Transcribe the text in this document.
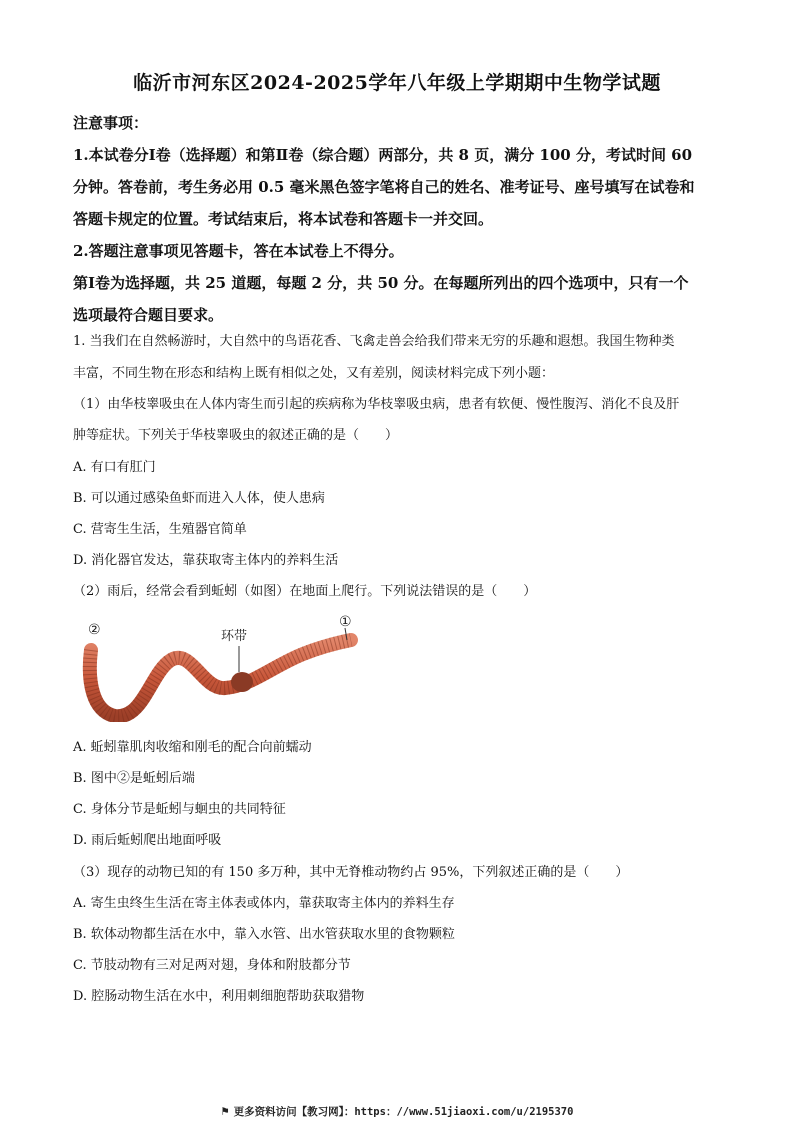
临沂市河东区2024-2025学年八年级上学期期中生物学试题
注意事项：
1.本试卷分Ⅰ卷（选择题）和第Ⅱ卷（综合题）两部分，共 8 页，满分 100 分，考试时间 60
分钟。答卷前，考生务必用 0.5 毫米黑色签字笔将自己的姓名、准考证号、座号填写在试卷和
答题卡规定的位置。考试结束后，将本试卷和答题卡一并交回。
2.答题注意事项见答题卡，答在本试卷上不得分。
第Ⅰ卷为选择题，共 25 道题，每题 2 分，共 50 分。在每题所列出的四个选项中，只有一个
选项最符合题目要求。
1. 当我们在自然畅游时，大自然中的鸟语花香、飞禽走兽会给我们带来无穷的乐趣和遐想。我国生物种类
丰富，不同生物在形态和结构上既有相似之处，又有差别，阅读材料完成下列小题：
（1）由华枝睾吸虫在人体内寄生而引起的疾病称为华枝睾吸虫病，患者有软便、慢性腹泻、消化不良及肝
肿等症状。下列关于华枝睾吸虫的叙述正确的是（　　）
A. 有口有肛门
B. 可以通过感染鱼虾而进入人体，使人患病
C. 营寄生生活，生殖器官简单
D. 消化器官发达，靠获取寄主体内的养料生活
（2）雨后，经常会看到蚯蚓（如图）在地面上爬行。下列说法错误的是（　　）
②	①
环带
A. 蚯蚓靠肌肉收缩和刚毛的配合向前蠕动
B. 图中②是蚯蚓后端
C. 身体分节是蚯蚓与蛔虫的共同特征
D. 雨后蚯蚓爬出地面呼吸
（3）现存的动物已知的有 150 多万种，其中无脊椎动物约占 95%，下列叙述正确的是（　　）
A. 寄生虫终生生活在寄主体表或体内，靠获取寄主体内的养料生存
B. 软体动物都生活在水中，靠入水管、出水管获取水里的食物颗粒
C. 节肢动物有三对足两对翅，身体和附肢都分节
D. 腔肠动物生活在水中，利用刺细胞帮助获取猎物
⚑ 更多资料访问【教习网】：https：//www.51jiaoxi.com/u/2195370
